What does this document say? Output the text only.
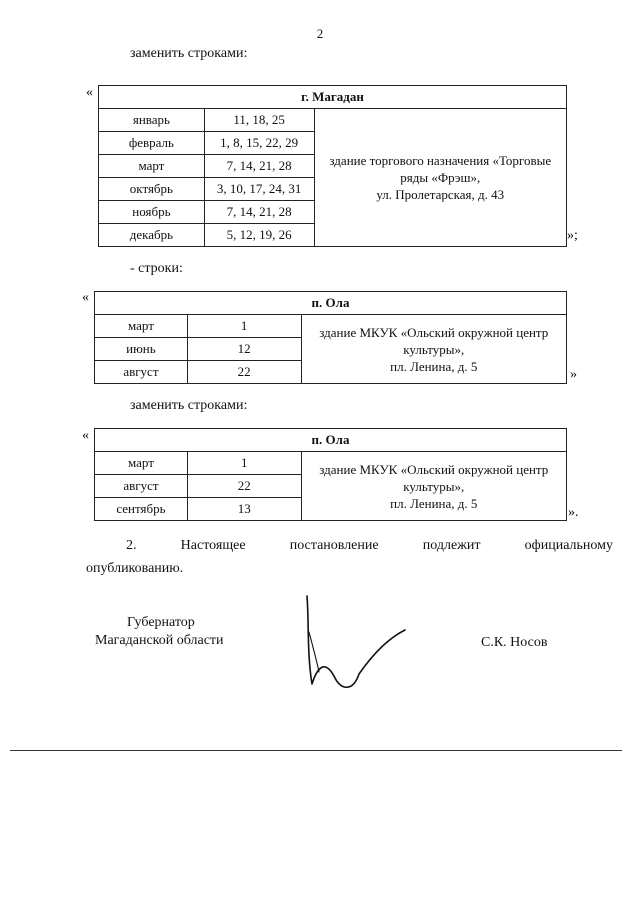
2
заменить строками:
«	г. Магадан		
январь	11, 18, 25	здание торгового назначения «Торговые
ряды «Фрэш»,
ул. Пролетарская, д. 43

февраль	1, 8, 15, 22, 29	
март	7, 14, 21, 28	
октябрь	3, 10, 17, 24, 31	
ноябрь	7, 14, 21, 28	
декабрь	5, 12, 19, 26		»;
- строки:
«	п. Ола		
март	1	здание МКУК «Ольский окружной центр
культуры»,
пл. Ленина, д. 5

июнь	12	
август	22		»
заменить строками:
«	п. Ола		
март	1	здание МКУК «Ольский окружной центр
культуры»,
пл. Ленина, д. 5

август	22	
сентябрь	13		».
2. Настоящее постановление подлежит официальному
опубликованию.
Губернатор
Магаданской области	С.К. Носов
